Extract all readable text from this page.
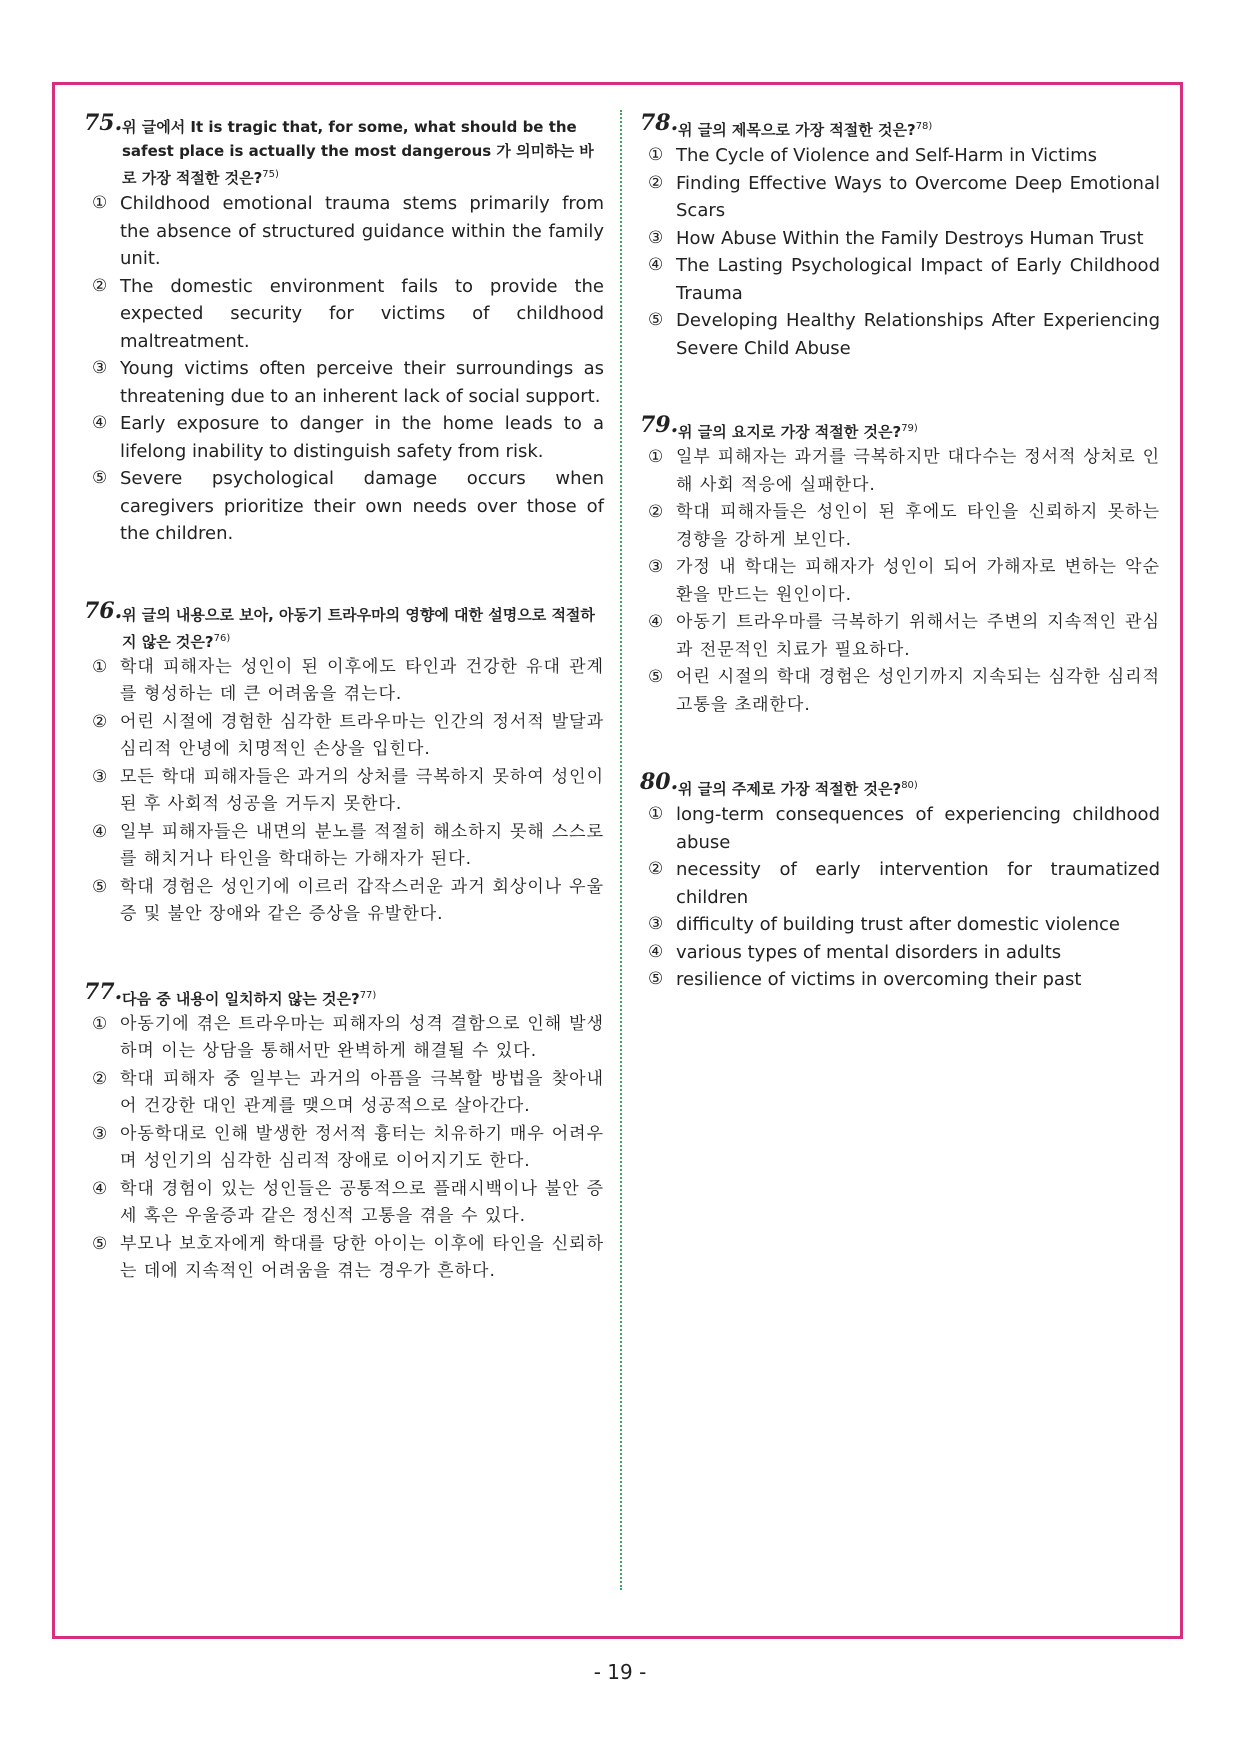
75. 위 글에서 It is tragic that, for some, what should be the safest place is actually the most dangerous 가 의미하는 바로 가장 적절한 것은?$^{75)}$
① Childhood emotional trauma stems primarily from the absence of structured guidance within the family unit.
② The domestic environment fails to provide the expected security for victims of childhood maltreatment.
③ Young victims often perceive their surroundings as threatening due to an inherent lack of social support.
④ Early exposure to danger in the home leads to a lifelong inability to distinguish safety from risk.
⑤ Severe psychological damage occurs when caregivers prioritize their own needs over those of the children.
76. 위 글의 내용으로 보아, 아동기 트라우마의 영향에 대한 설명으로 적절하지 않은 것은?$^{76)}$
① 학대 피해자는 성인이 된 이후에도 타인과 건강한 유대 관계를 형성하는 데 큰 어려움을 겪는다.
② 어린 시절에 경험한 심각한 트라우마는 인간의 정서적 발달과 심리적 안녕에 치명적인 손상을 입힌다.
③ 모든 학대 피해자들은 과거의 상처를 극복하지 못하여 성인이 된 후 사회적 성공을 거두지 못한다.
④ 일부 피해자들은 내면의 분노를 적절히 해소하지 못해 스스로를 해치거나 타인을 학대하는 가해자가 된다.
⑤ 학대 경험은 성인기에 이르러 갑작스러운 과거 회상이나 우울증 및 불안 장애와 같은 증상을 유발한다.
77. 다음 중 내용이 일치하지 않는 것은?$^{77)}$
① 아동기에 겪은 트라우마는 피해자의 성격 결함으로 인해 발생하며 이는 상담을 통해서만 완벽하게 해결될 수 있다.
② 학대 피해자 중 일부는 과거의 아픔을 극복할 방법을 찾아내어 건강한 대인 관계를 맺으며 성공적으로 살아간다.
③ 아동학대로 인해 발생한 정서적 흉터는 치유하기 매우 어려우며 성인기의 심각한 심리적 장애로 이어지기도 한다.
④ 학대 경험이 있는 성인들은 공통적으로 플래시백이나 불안 증세 혹은 우울증과 같은 정신적 고통을 겪을 수 있다.
⑤ 부모나 보호자에게 학대를 당한 아이는 이후에 타인을 신뢰하는 데에 지속적인 어려움을 겪는 경우가 흔하다.
78. 위 글의 제목으로 가장 적절한 것은?$^{78)}$
① The Cycle of Violence and Self-Harm in Victims
② Finding Effective Ways to Overcome Deep Emotional Scars
③ How Abuse Within the Family Destroys Human Trust
④ The Lasting Psychological Impact of Early Childhood Trauma
⑤ Developing Healthy Relationships After Experiencing Severe Child Abuse
79. 위 글의 요지로 가장 적절한 것은?$^{79)}$
① 일부 피해자는 과거를 극복하지만 대다수는 정서적 상처로 인해 사회 적응에 실패한다.
② 학대 피해자들은 성인이 된 후에도 타인을 신뢰하지 못하는 경향을 강하게 보인다.
③ 가정 내 학대는 피해자가 성인이 되어 가해자로 변하는 악순환을 만드는 원인이다.
④ 아동기 트라우마를 극복하기 위해서는 주변의 지속적인 관심과 전문적인 치료가 필요하다.
⑤ 어린 시절의 학대 경험은 성인기까지 지속되는 심각한 심리적 고통을 초래한다.
80. 위 글의 주제로 가장 적절한 것은?$^{80)}$
① long-term consequences of experiencing childhood abuse
② necessity of early intervention for traumatized children
③ difficulty of building trust after domestic violence
④ various types of mental disorders in adults
⑤ resilience of victims in overcoming their past
- 19 -
